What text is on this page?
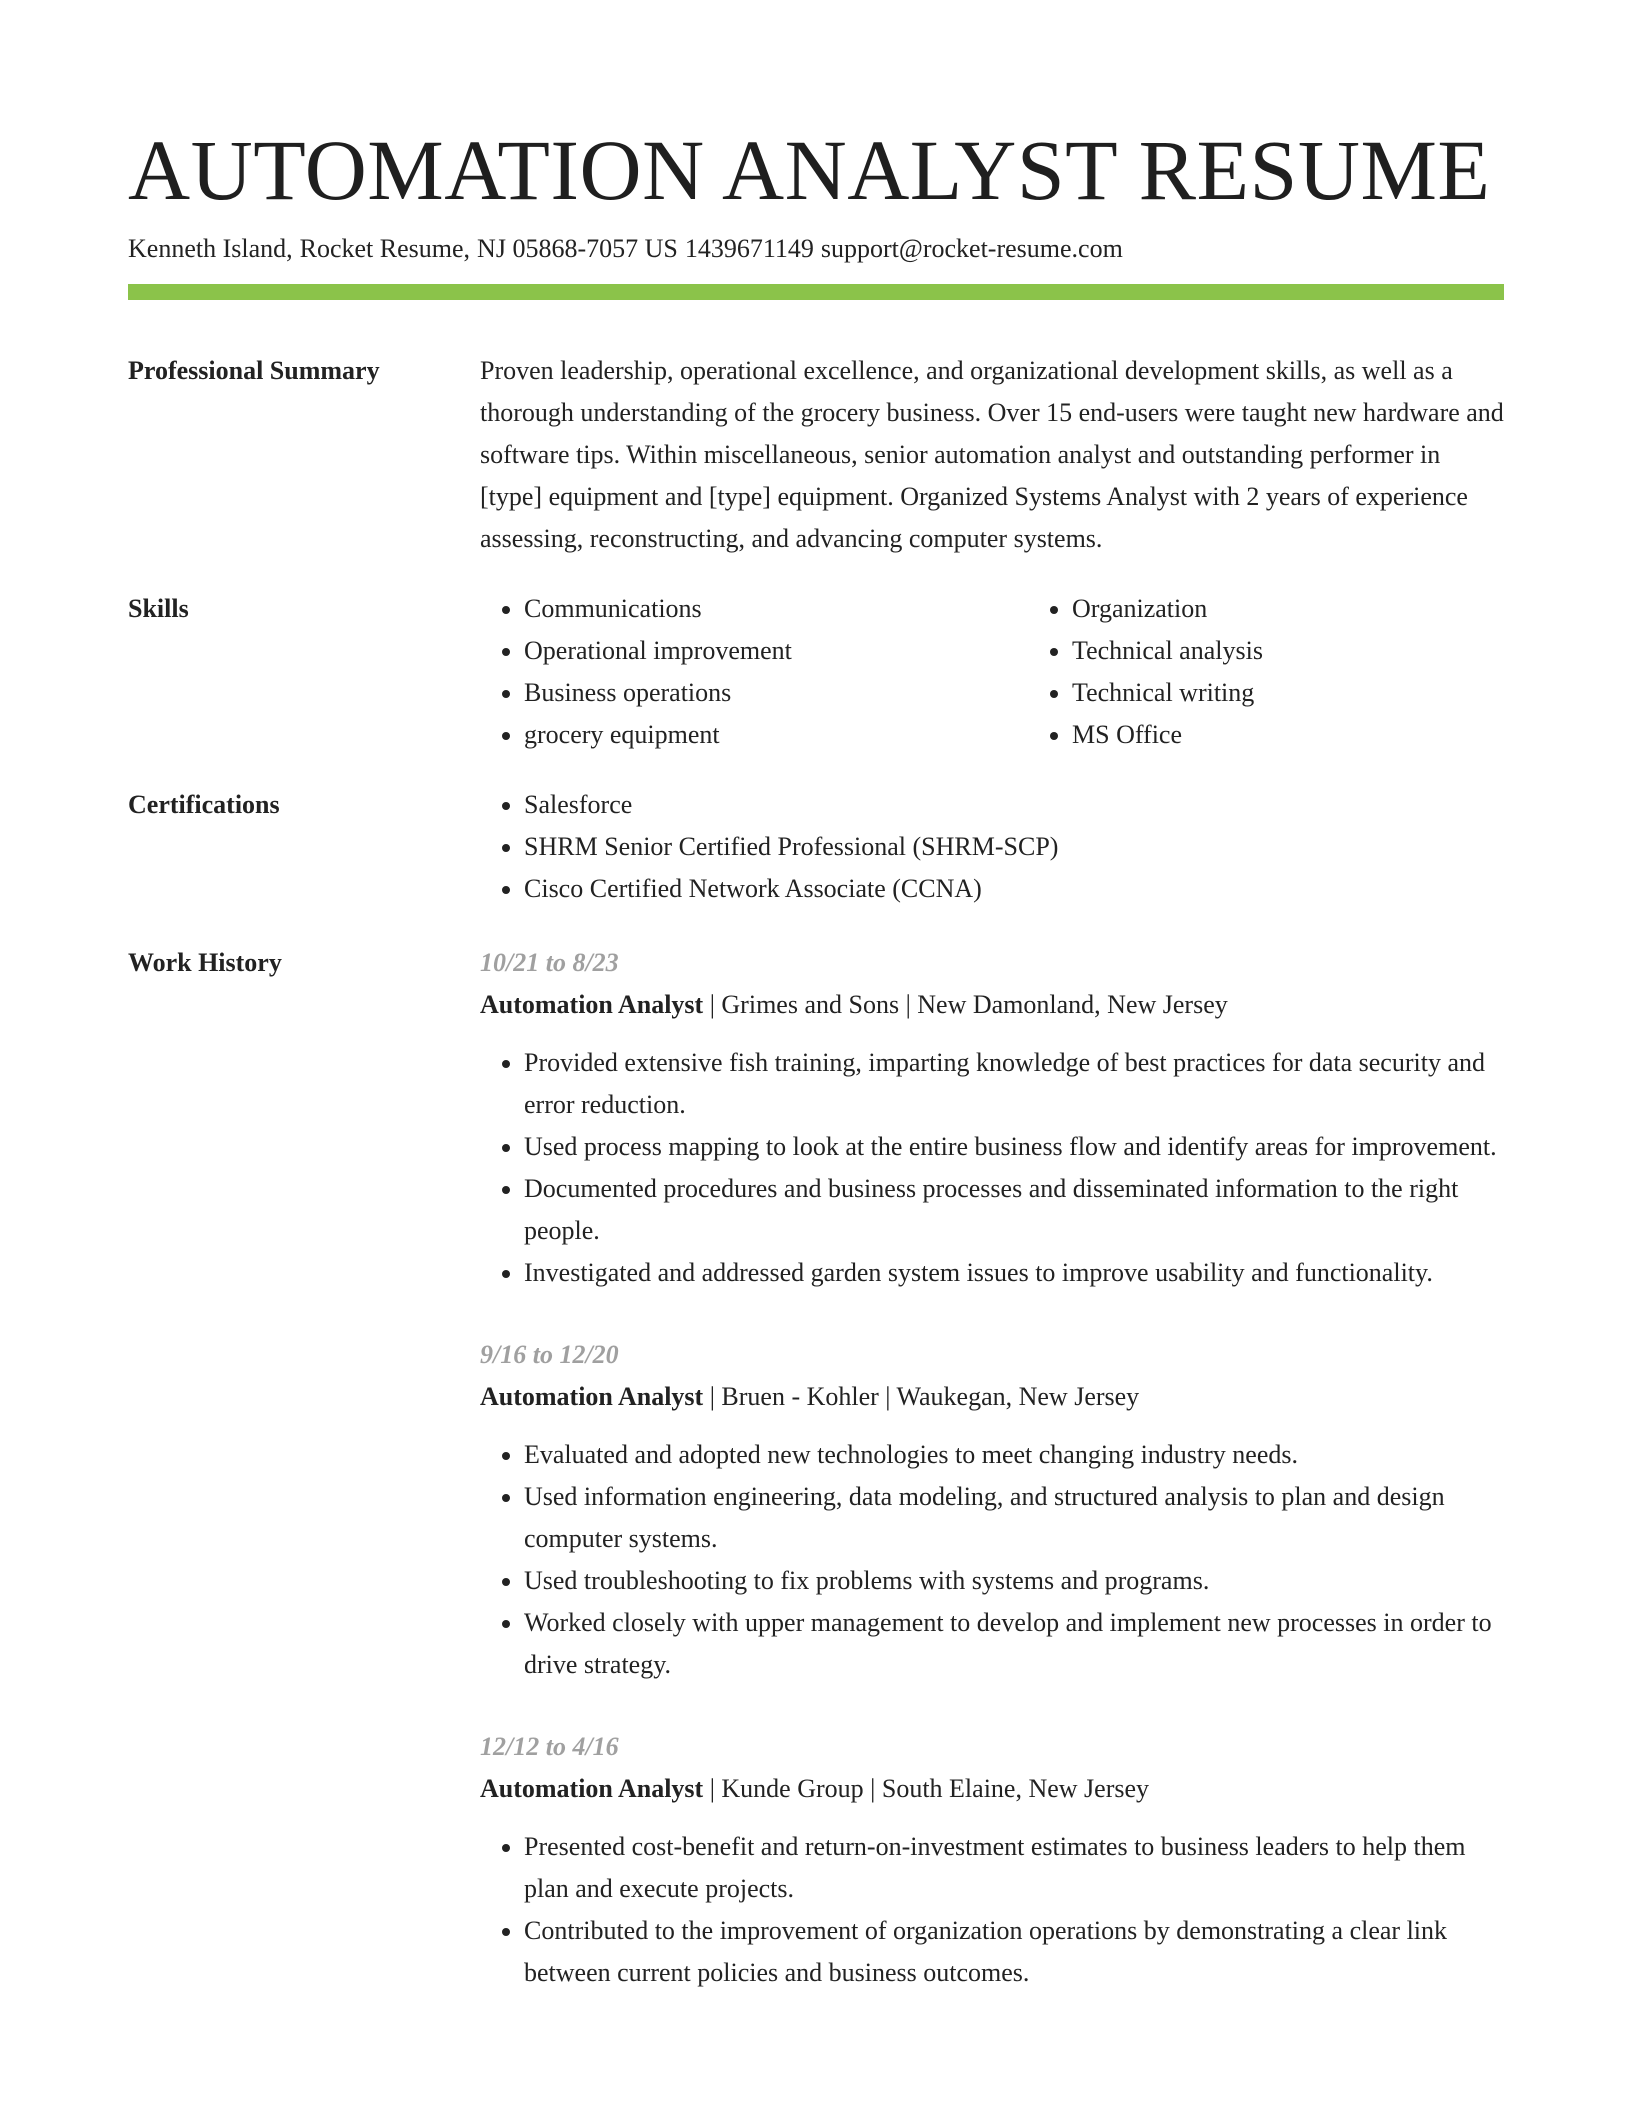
AUTOMATION ANALYST RESUME
Kenneth Island, Rocket Resume, NJ 05868-7057 US 1439671149 support@rocket-resume.com
Professional Summary	Proven leadership, operational excellence, and organizational development skills, as well as a thorough understanding of the grocery business. Over 15 end-users were taught new hardware and software tips. Within miscellaneous, senior automation analyst and outstanding performer in [type] equipment and [type] equipment. Organized Systems Analyst with 2 years of experience assessing, reconstructing, and advancing computer systems.

Skills	• Communications
• Operational improvement
• Business operations
• grocery equipment
• Organization
• Technical analysis
• Technical writing
• MS Office
Certifications	• Salesforce
• SHRM Senior Certified Professional (SHRM-SCP)
• Cisco Certified Network Associate (CCNA)
Work History	10/21 to 8/23
Automation Analyst | Grimes and Sons | New Damonland, New Jersey
• Provided extensive fish training, imparting knowledge of best practices for data security and error reduction.
• Used process mapping to look at the entire business flow and identify areas for improvement.
• Documented procedures and business processes and disseminated information to the right people.
• Investigated and addressed garden system issues to improve usability and functionality.
9/16 to 12/20
Automation Analyst | Bruen - Kohler | Waukegan, New Jersey
• Evaluated and adopted new technologies to meet changing industry needs.
• Used information engineering, data modeling, and structured analysis to plan and design computer systems.
• Used troubleshooting to fix problems with systems and programs.
• Worked closely with upper management to develop and implement new processes in order to drive strategy.
12/12 to 4/16
Automation Analyst | Kunde Group | South Elaine, New Jersey
• Presented cost-benefit and return-on-investment estimates to business leaders to help them plan and execute projects.
• Contributed to the improvement of organization operations by demonstrating a clear link between current policies and business outcomes.
